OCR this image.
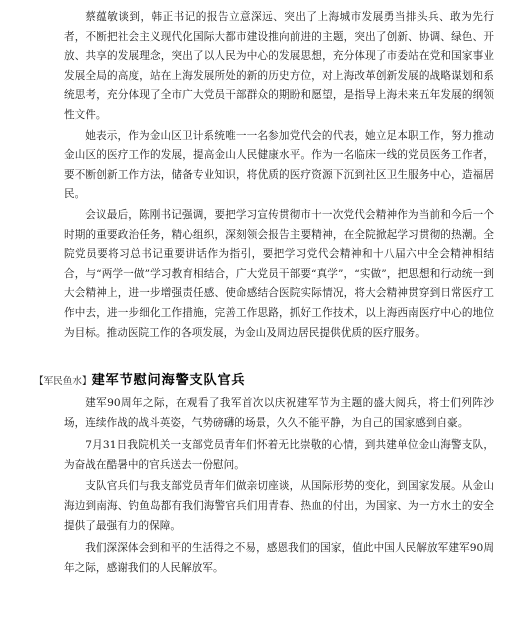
蔡蕴敏谈到，韩正书记的报告立意深远、突出了上海城市发展勇当排头兵、敢为先行者，不断把社会主义现代化国际大都市建设推向前进的主题，突出了创新、协调、绿色、开放、共享的发展理念，突出了以人民为中心的发展思想，充分体现了市委站在党和国家事业发展全局的高度，站在上海发展所处的新的历史方位，对上海改革创新发展的战略谋划和系统思考，充分体现了全市广大党员干部群众的期盼和愿望，是指导上海未来五年发展的纲领性文件。

她表示，作为金山区卫计系统唯一一名参加党代会的代表，她立足本职工作，努力推动金山区的医疗工作的发展，提高金山人民健康水平。作为一名临床一线的党员医务工作者，要不断创新工作方法，储备专业知识，将优质的医疗资源下沉到社区卫生服务中心，造福居民。

会议最后，陈刚书记强调，要把学习宣传贯彻市十一次党代会精神作为当前和今后一个时期的重要政治任务，精心组织，深刻领会报告主要精神，在全院掀起学习贯彻的热潮。全院党员要将习总书记重要讲话作为指引，要把学习党代会精神和十八届六中全会精神相结合，与“两学一做”学习教育相结合，广大党员干部要“真学”，“实做”，把思想和行动统一到大会精神上，进一步增强责任感、使命感结合医院实际情况，将大会精神贯穿到日常医疗工作中去，进一步细化工作措施，完善工作思路，抓好工作技术，以上海西南医疗中心的地位为目标。推动医院工作的各项发展，为金山及周边居民提供优质的医疗服务。

【军民鱼水】 建军节慰问海警支队官兵

建军90周年之际，在观看了我军首次以庆祝建军节为主题的盛大阅兵，将士们列阵沙场，连续作战的战斗英姿，气势磅礴的场景，久久不能平静，为自己的国家感到自豪。

7月31日我院机关一支部党员青年们怀着无比崇敬的心情，到共建单位金山海警支队，为奋战在酷暑中的官兵送去一份慰问。

支队官兵们与我支部党员青年们做亲切座谈，从国际形势的变化，到国家发展。从金山海边到南海、钓鱼岛都有我们海警官兵们用青春、热血的付出，为国家、为一方水土的安全提供了最强有力的保障。

我们深深体会到和平的生活得之不易，感恩我们的国家，值此中国人民解放军建军90周年之际，感谢我们的人民解放军。
